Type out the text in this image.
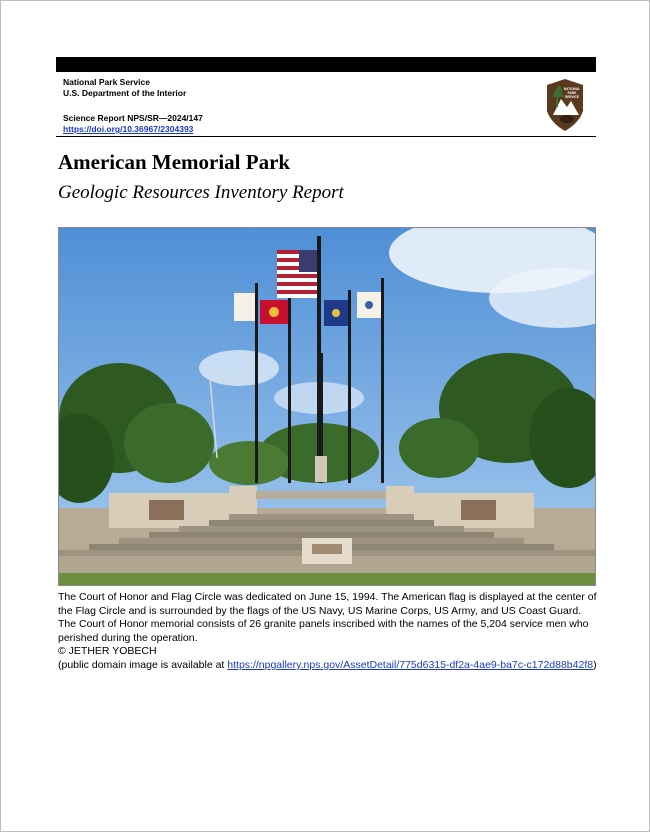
National Park Service
U.S. Department of the Interior
Science Report NPS/SR—2024/147
https://doi.org/10.36967/2304393
NATIONAL
PARK
SERVICE
American Memorial Park
Geologic Resources Inventory Report

The Court of Honor and Flag Circle was dedicated on June 15, 1994. The American flag is displayed at the center of the Flag Circle and is surrounded by the flags of the US Navy, US Marine Corps, US Army, and US Coast Guard. The Court of Honor memorial consists of 26 granite panels inscribed with the names of the 5,204 service men who perished during the operation.

© JETHER YOBECH

(public domain image is available at https://npgallery.nps.gov/AssetDetail/775d6315-df2a-4ae9-ba7c-c172d88b42f8)
